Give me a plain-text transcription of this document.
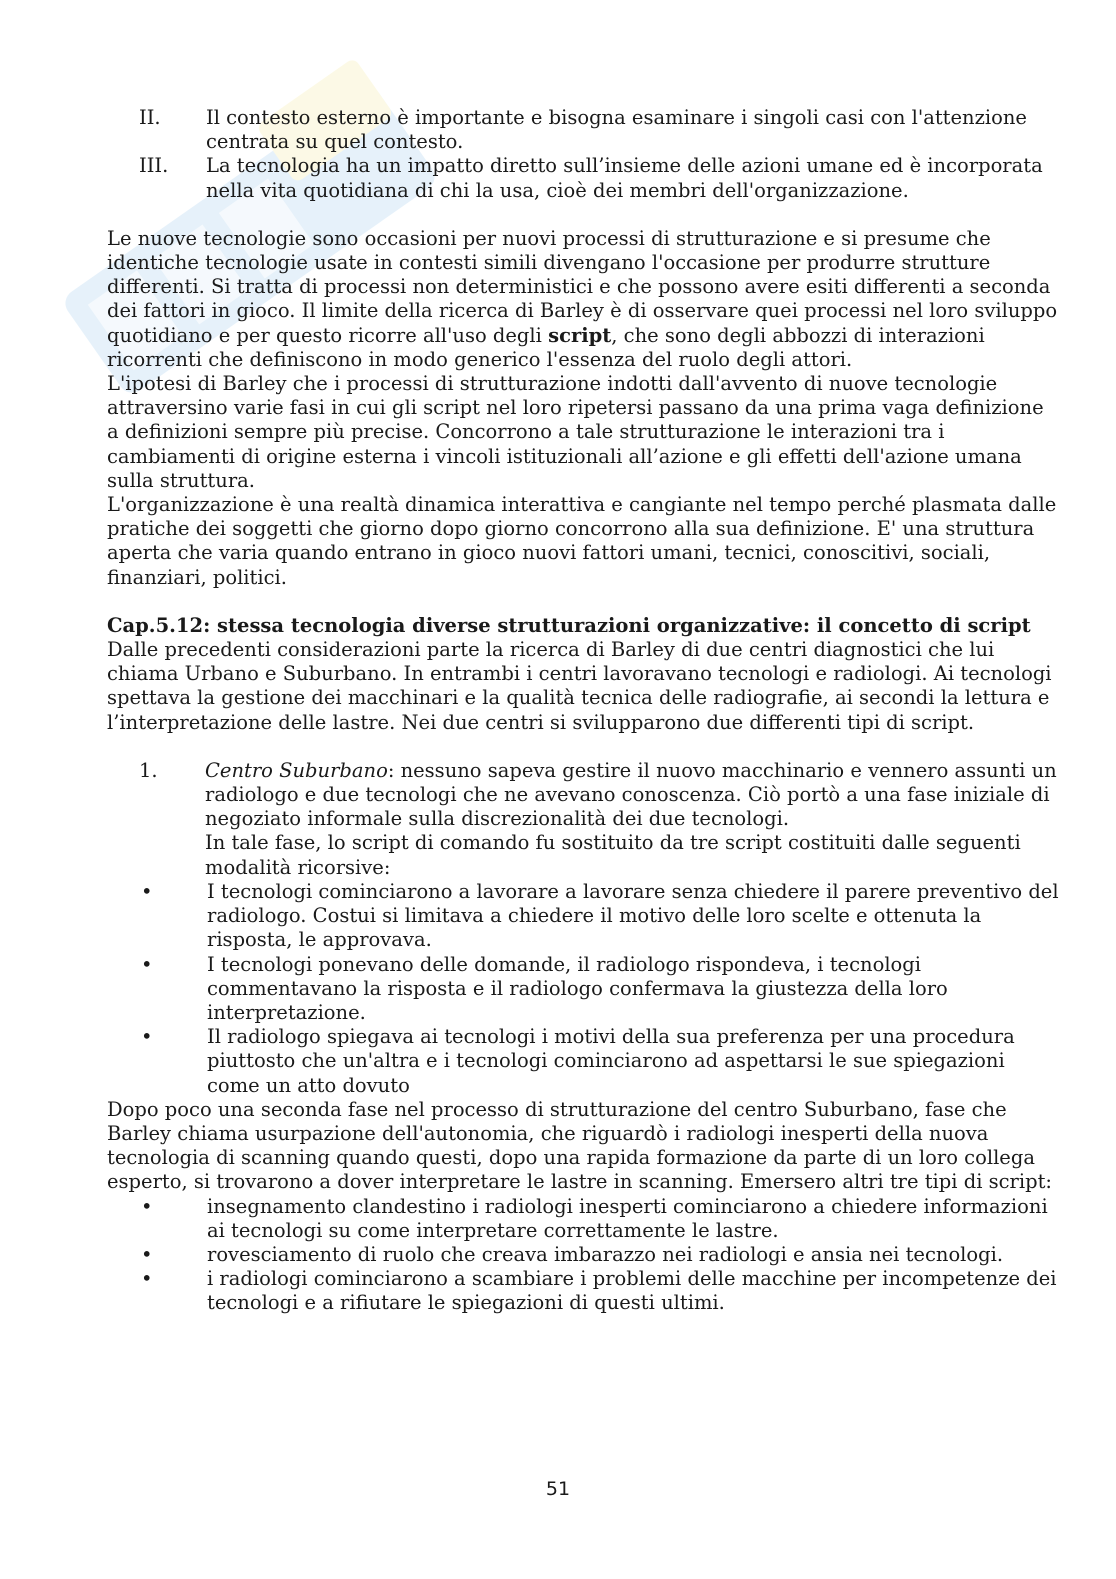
II.	Il contesto esterno è importante e bisogna esaminare i singoli casi con l'attenzione centrata su quel contesto.
III.	La tecnologia ha un impatto diretto sull’insieme delle azioni umane ed è incorporata nella vita quotidiana di chi la usa, cioè dei membri dell'organizzazione.

Le nuove tecnologie sono occasioni per nuovi processi di strutturazione e si presume che identiche tecnologie usate in contesti simili divengano l'occasione per produrre strutture differenti. Si tratta di processi non deterministici e che possono avere esiti differenti a seconda dei fattori in gioco. Il limite della ricerca di Barley è di osservare quei processi nel loro sviluppo quotidiano e per questo ricorre all'uso degli script, che sono degli abbozzi di interazioni ricorrenti che definiscono in modo generico l'essenza del ruolo degli attori.

L'ipotesi di Barley che i processi di strutturazione indotti dall'avvento di nuove tecnologie attraversino varie fasi in cui gli script nel loro ripetersi passano da una prima vaga definizione a definizioni sempre più precise. Concorrono a tale strutturazione le interazioni tra i cambiamenti di origine esterna i vincoli istituzionali all’azione e gli effetti dell'azione umana sulla struttura.

L'organizzazione è una realtà dinamica interattiva e cangiante nel tempo perché plasmata dalle pratiche dei soggetti che giorno dopo giorno concorrono alla sua definizione. E' una struttura aperta che varia quando entrano in gioco nuovi fattori umani, tecnici, conoscitivi, sociali, finanziari, politici.

Cap.5.12: stessa tecnologia diverse strutturazioni organizzative: il concetto di script

Dalle precedenti considerazioni parte la ricerca di Barley di due centri diagnostici che lui chiama Urbano e Suburbano. In entrambi i centri lavoravano tecnologi e radiologi. Ai tecnologi spettava la gestione dei macchinari e la qualità tecnica delle radiografie, ai secondi la lettura e l’interpretazione delle lastre. Nei due centri si svilupparono due differenti tipi di script.

1.	Centro Suburbano: nessuno sapeva gestire il nuovo macchinario e vennero assunti un radiologo e due tecnologi che ne avevano conoscenza. Ciò portò a una fase iniziale di negoziato informale sulla discrezionalità dei due tecnologi.
In tale fase, lo script di comando fu sostituito da tre script costituiti dalle seguenti modalità ricorsive:
•	I tecnologi cominciarono a lavorare a lavorare senza chiedere il parere preventivo del radiologo. Costui si limitava a chiedere il motivo delle loro scelte e ottenuta la risposta, le approvava.
•	I tecnologi ponevano delle domande, il radiologo rispondeva, i tecnologi commentavano la risposta e il radiologo confermava la giustezza della loro interpretazione.
•	Il radiologo spiegava ai tecnologi i motivi della sua preferenza per una procedura piuttosto che un'altra e i tecnologi cominciarono ad aspettarsi le sue spiegazioni come un atto dovuto

Dopo poco una seconda fase nel processo di strutturazione del centro Suburbano, fase che Barley chiama usurpazione dell'autonomia, che riguardò i radiologi inesperti della nuova tecnologia di scanning quando questi, dopo una rapida formazione da parte di un loro collega esperto, si trovarono a dover interpretare le lastre in scanning. Emersero altri tre tipi di script:

•	insegnamento clandestino i radiologi inesperti cominciarono a chiedere informazioni ai tecnologi su come interpretare correttamente le lastre.
•	rovesciamento di ruolo che creava imbarazzo nei radiologi e ansia nei tecnologi.
•	i radiologi cominciarono a scambiare i problemi delle macchine per incompetenze dei tecnologi e a rifiutare le spiegazioni di questi ultimi.
51
